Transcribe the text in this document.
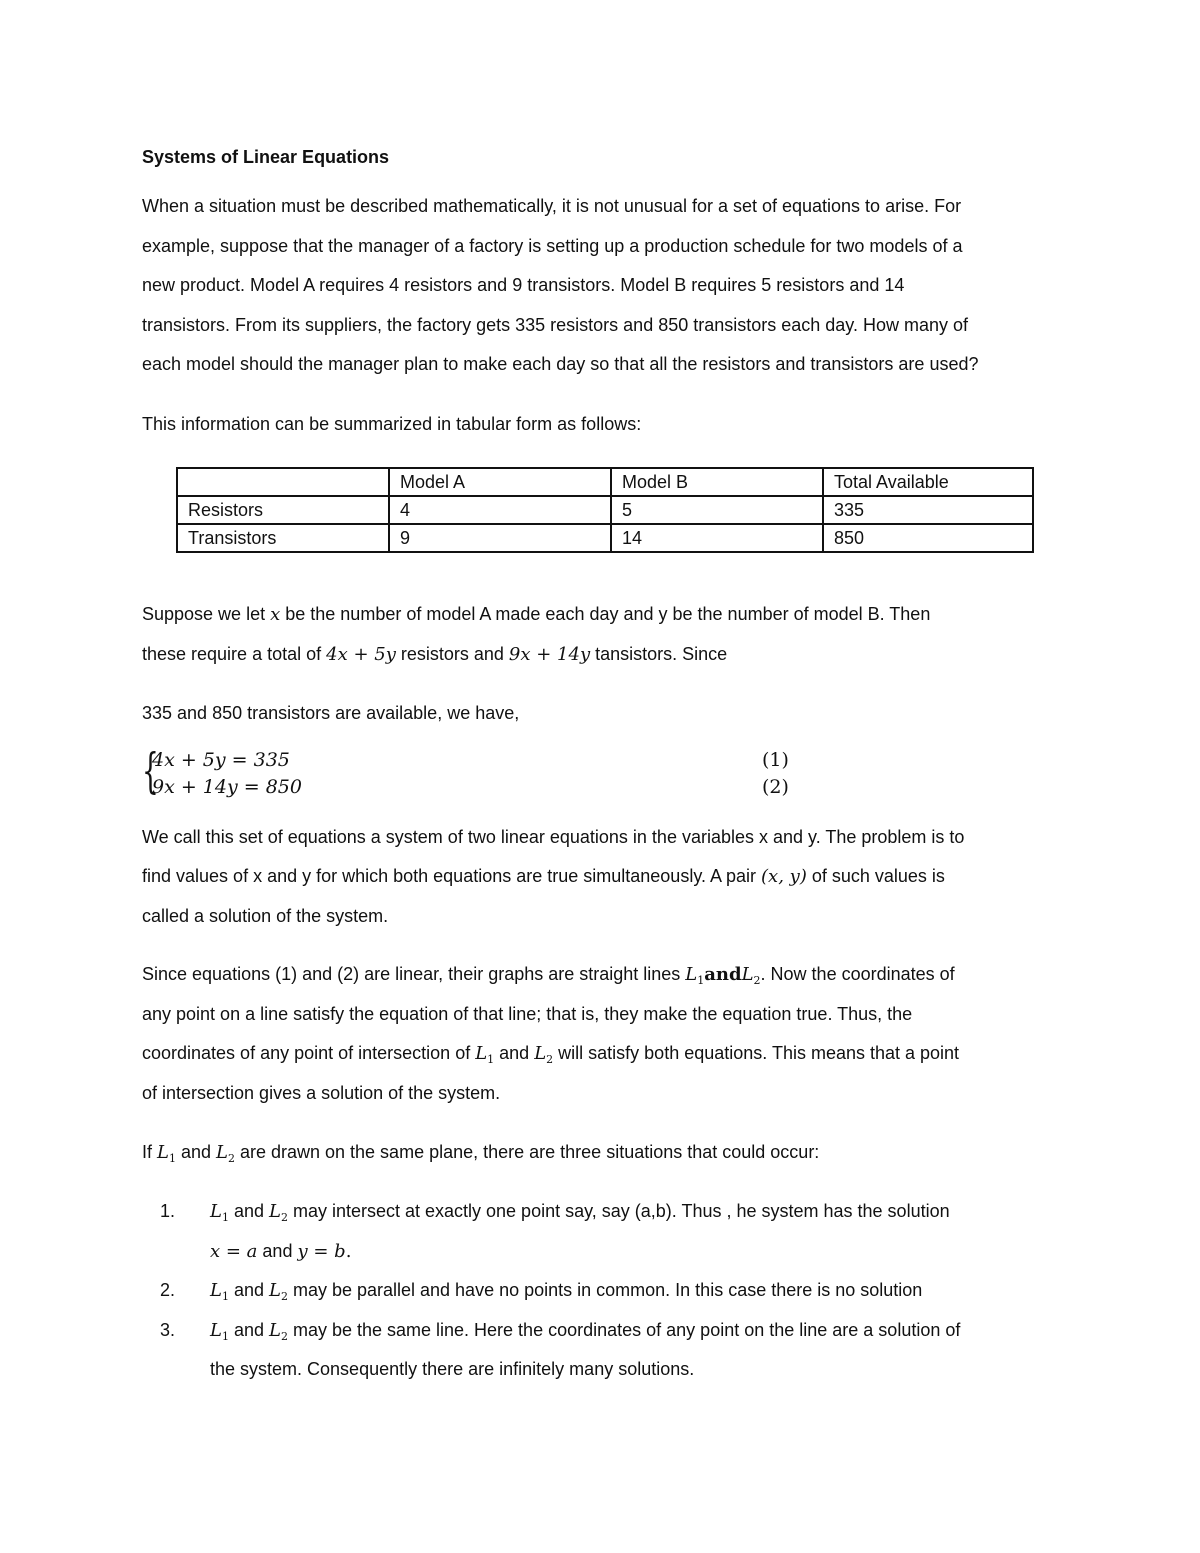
Systems of Linear Equations
When a situation must be described mathematically, it is not unusual for a set of equations to arise. For
example, suppose that the manager of a factory is setting up a production schedule for two models of a
new product. Model A requires 4 resistors and 9 transistors. Model B requires 5 resistors and 14
transistors. From its suppliers, the factory gets 335 resistors and 850 transistors each day. How many of
each model should the manager plan to make each day so that all the resistors and transistors are used?
This information can be summarized in tabular form as follows:
	Model A	Model B	Total Available
Resistors	4	5	335
Transistors	9	14	850
Suppose we let x be the number of model A made each day and y be the number of model B. Then
these require a total of 4x + 5y resistors and 9x + 14y tansistors. Since
335 and 850 transistors are available, we have,
{
4x + 5y = 335	(1)
9x + 14y = 850	(2)
We call this set of equations a system of two linear equations in the variables x and y. The problem is to
find values of x and y for which both equations are true simultaneously. A pair (x, y) of such values is
called a solution of the system.
Since equations (1) and (2) are linear, their graphs are straight lines $L_1andL_2$. Now the coordinates of
any point on a line satisfy the equation of that line; that is, they make the equation true. Thus, the
coordinates of any point of intersection of $L_1$ and $L_2$ will satisfy both equations. This means that a point
of intersection gives a solution of the system.
If $L_1$ and $L_2$ are drawn on the same plane, there are three situations that could occur:
1. $L_1$ and $L_2$ may intersect at exactly one point say, say (a,b). Thus , he system has the solution
x = a and y = b.
2. $L_1$ and $L_2$ may be parallel and have no points in common. In this case there is no solution
3. $L_1$ and $L_2$ may be the same line. Here the coordinates of any point on the line are a solution of
the system. Consequently there are infinitely many solutions.
